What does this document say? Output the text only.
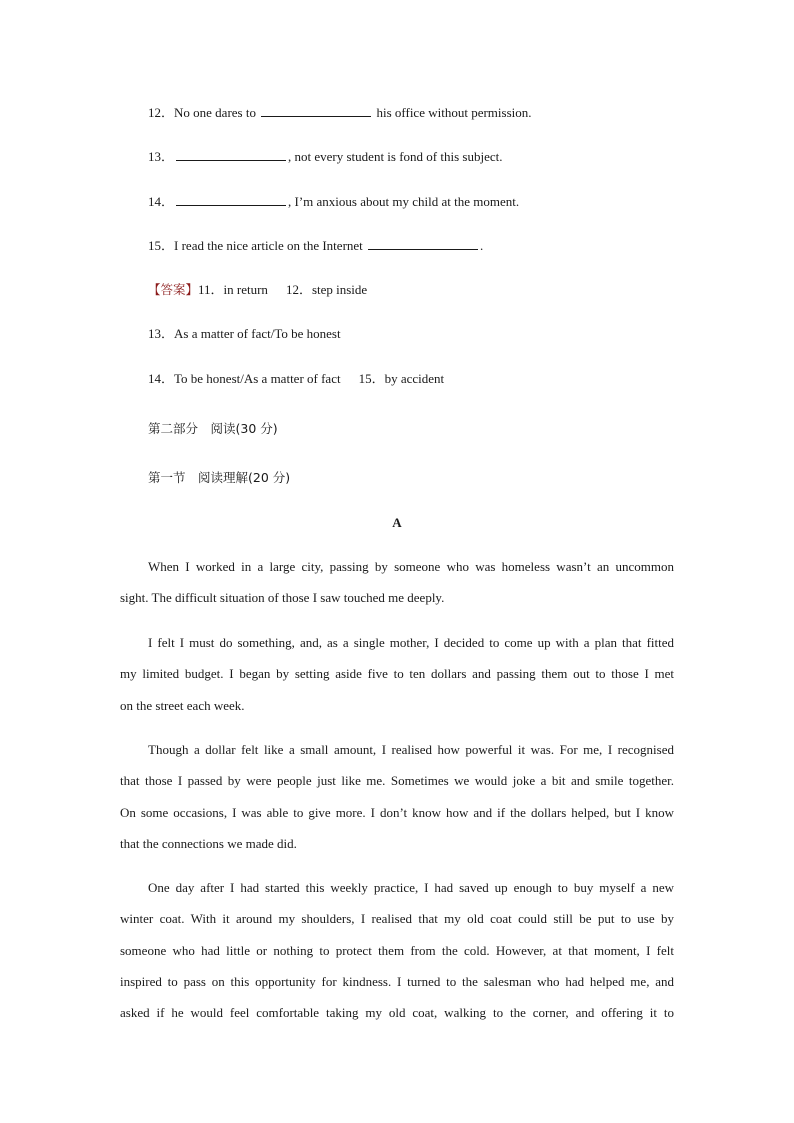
12．No one dares to	his office without permission.
13．	, not every student is fond of this subject.
14．	, I’m anxious about my child at the moment.
15．I read the nice article on the Internet	.
【答案】11．in return 12．step inside
13．As a matter of fact/To be honest
14．To be honest/As a matter of fact 15．by accident
第二部分　阅读(30 分)
第一节　阅读理解(20 分)
A
When I worked in a large city, passing by someone who was homeless wasn’t an uncommon
sight. The difficult situation of those I saw touched me deeply.
I felt I must do something, and, as a single mother, I decided to come up with a plan that fitted
my limited budget. I began by setting aside five to ten dollars and passing them out to those I met
on the street each week.
Though a dollar felt like a small amount, I realised how powerful it was. For me, I recognised
that those I passed by were people just like me. Sometimes we would joke a bit and smile together.
On some occasions, I was able to give more. I don’t know how and if the dollars helped, but I know
that the connections we made did.
One day after I had started this weekly practice, I had saved up enough to buy myself a new
winter coat. With it around my shoulders, I realised that my old coat could still be put to use by
someone who had little or nothing to protect them from the cold. However, at that moment, I felt
inspired to pass on this opportunity for kindness. I turned to the salesman who had helped me, and
asked if he would feel comfortable taking my old coat, walking to the corner, and offering it to
